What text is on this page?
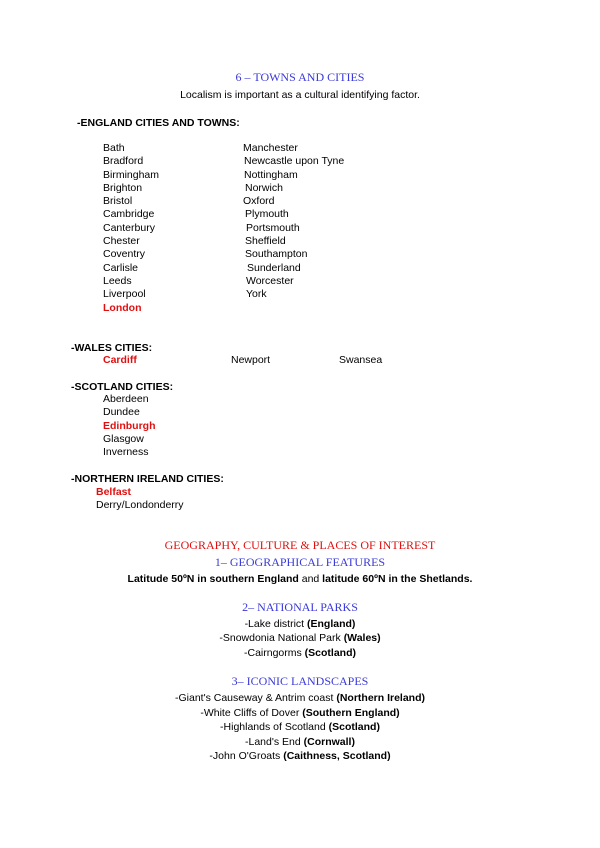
6 – TOWNS AND CITIES
Localism is important as a cultural identifying factor.
-ENGLAND CITIES AND TOWNS:
Bath
Bradford
Birmingham
Brighton
Bristol
Cambridge
Canterbury
Chester
Coventry
Carlisle
Leeds
Liverpool
London
Manchester
Newcastle upon Tyne
Nottingham
Norwich
Oxford
Plymouth
Portsmouth
Sheffield
Southampton
Sunderland
Worcester
York
-WALES CITIES:
Cardiff	Newport	Swansea
-SCOTLAND CITIES:
Aberdeen
Dundee
Edinburgh
Glasgow
Inverness
-NORTHERN IRELAND CITIES:
Belfast
Derry/Londonderry
GEOGRAPHY, CULTURE & PLACES OF INTEREST
1– GEOGRAPHICAL FEATURES
Latitude 50ºN in southern England and latitude 60ºN in the Shetlands.
2– NATIONAL PARKS
-Lake district (England)
-Snowdonia National Park (Wales)
-Cairngorms (Scotland)
3– ICONIC LANDSCAPES
-Giant's Causeway & Antrim coast (Northern Ireland)
-White Cliffs of Dover (Southern England)
-Highlands of Scotland (Scotland)
-Land's End (Cornwall)
-John O'Groats (Caithness, Scotland)
